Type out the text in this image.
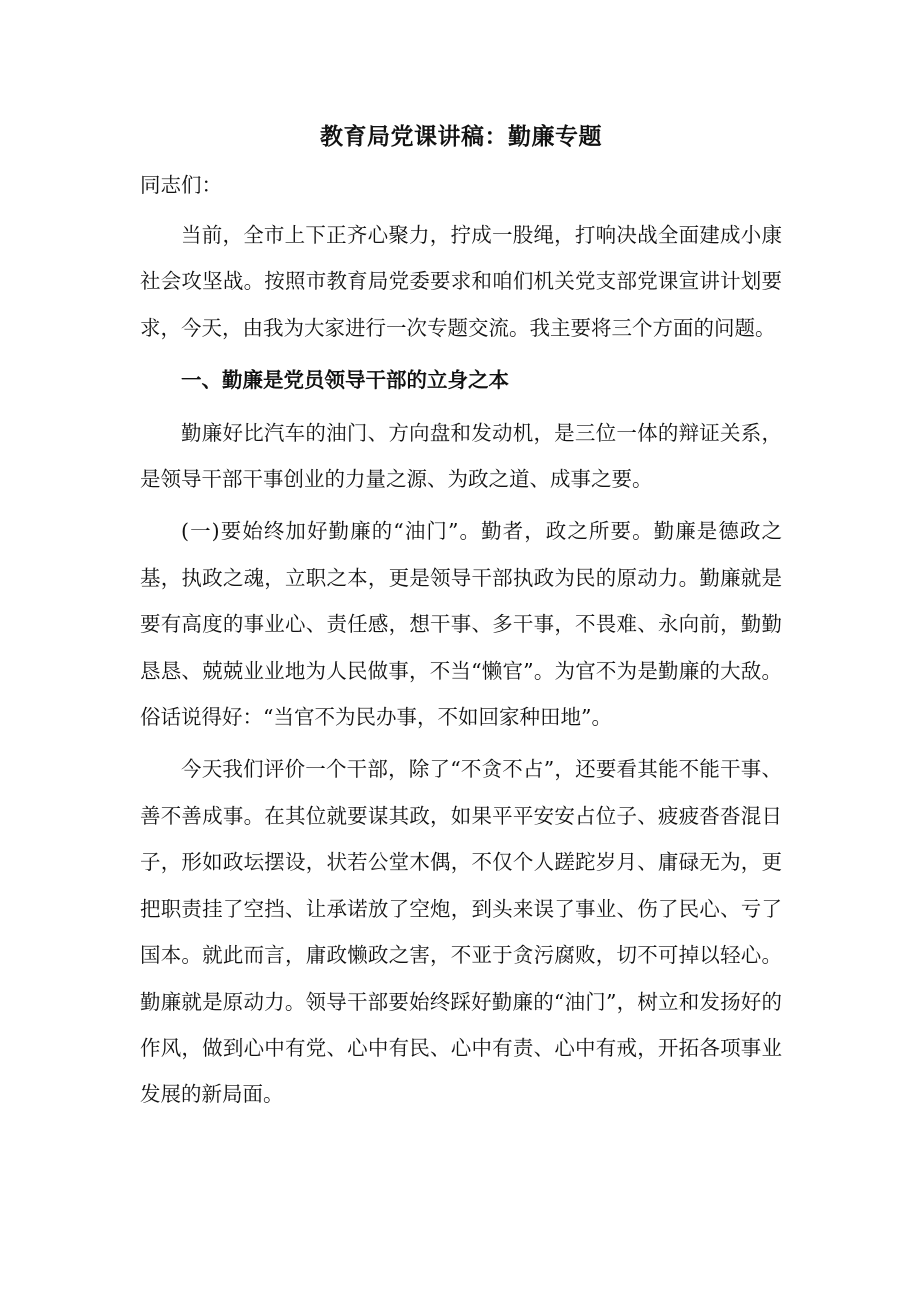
教育局党课讲稿：勤廉专题

同志们：

当前，全市上下正齐心聚力，拧成一股绳，打响决战全面建成小康社会攻坚战。按照市教育局党委要求和咱们机关党支部党课宣讲计划要求，今天，由我为大家进行一次专题交流。我主要将三个方面的问题。

一、勤廉是党员领导干部的立身之本

勤廉好比汽车的油门、方向盘和发动机，是三位一体的辩证关系，是领导干部干事创业的力量之源、为政之道、成事之要。

(一)要始终加好勤廉的“油门”。勤者，政之所要。勤廉是德政之基，执政之魂，立职之本，更是领导干部执政为民的原动力。勤廉就是要有高度的事业心、责任感，想干事、多干事，不畏难、永向前，勤勤恳恳、兢兢业业地为人民做事，不当“懒官”。为官不为是勤廉的大敌。俗话说得好：“当官不为民办事，不如回家种田地”。

今天我们评价一个干部，除了“不贪不占”，还要看其能不能干事、善不善成事。在其位就要谋其政，如果平平安安占位子、疲疲沓沓混日子，形如政坛摆设，状若公堂木偶，不仅个人蹉跎岁月、庸碌无为，更把职责挂了空挡、让承诺放了空炮，到头来误了事业、伤了民心、亏了国本。就此而言，庸政懒政之害，不亚于贪污腐败，切不可掉以轻心。勤廉就是原动力。领导干部要始终踩好勤廉的“油门”，树立和发扬好的作风，做到心中有党、心中有民、心中有责、心中有戒，开拓各项事业发展的新局面。
